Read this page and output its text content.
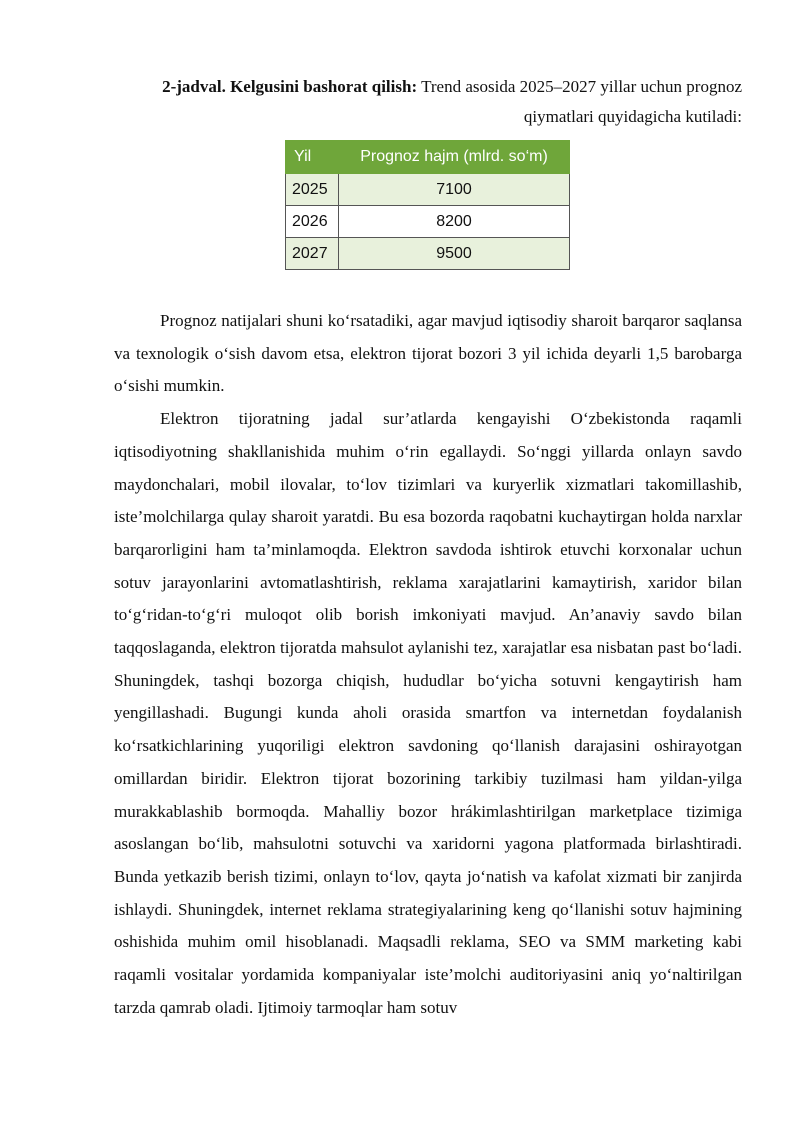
2-jadval. Kelgusini bashorat qilish: Trend asosida 2025–2027 yillar uchun prognoz qiymatlari quyidagicha kutiladi:
Yil	Prognoz hajm (mlrd. so‘m)
2025	7100
2026	8200
2027	9500

Prognoz natijalari shuni ko‘rsatadiki, agar mavjud iqtisodiy sharoit barqaror saqlansa va texnologik o‘sish davom etsa, elektron tijorat bozori 3 yil ichida deyarli 1,5 barobarga o‘sishi mumkin.

Elektron tijoratning jadal sur’atlarda kengayishi O‘zbekistonda raqamli iqtisodiyotning shakllanishida muhim o‘rin egallaydi. So‘nggi yillarda onlayn savdo maydonchalari, mobil ilovalar, to‘lov tizimlari va kuryerlik xizmatlari takomillashib, iste’molchilarga qulay sharoit yaratdi. Bu esa bozorda raqobatni kuchaytirgan holda narxlar barqarorligini ham ta’minlamoqda. Elektron savdoda ishtirok etuvchi korxonalar uchun sotuv jarayonlarini avtomatlashtirish, reklama xarajatlarini kamaytirish, xaridor bilan to‘g‘ridan-to‘g‘ri muloqot olib borish imkoniyati mavjud. An’anaviy savdo bilan taqqoslaganda, elektron tijoratda mahsulot aylanishi tez, xarajatlar esa nisbatan past bo‘ladi. Shuningdek, tashqi bozorga chiqish, hududlar bo‘yicha sotuvni kengaytirish ham yengillashadi. Bugungi kunda aholi orasida smartfon va internetdan foydalanish ko‘rsatkichlarining yuqoriligi elektron savdoning qo‘llanish darajasini oshirayotgan omillardan biridir. Elektron tijorat bozorining tarkibiy tuzilmasi ham yildan-yilga murakkablashib bormoqda. Mahalliy bozor hrákimlashtirilgan marketplace tizimiga asoslangan bo‘lib, mahsulotni sotuvchi va xaridorni yagona platformada birlashtiradi. Bunda yetkazib berish tizimi, onlayn to‘lov, qayta jo‘natish va kafolat xizmati bir zanjirda ishlaydi. Shuningdek, internet reklama strategiyalarining keng qo‘llanishi sotuv hajmining oshishida muhim omil hisoblanadi. Maqsadli reklama, SEO va SMM marketing kabi raqamli vositalar yordamida kompaniyalar iste’molchi auditoriyasini aniq yo‘naltirilgan tarzda qamrab oladi. Ijtimoiy tarmoqlar ham sotuv
